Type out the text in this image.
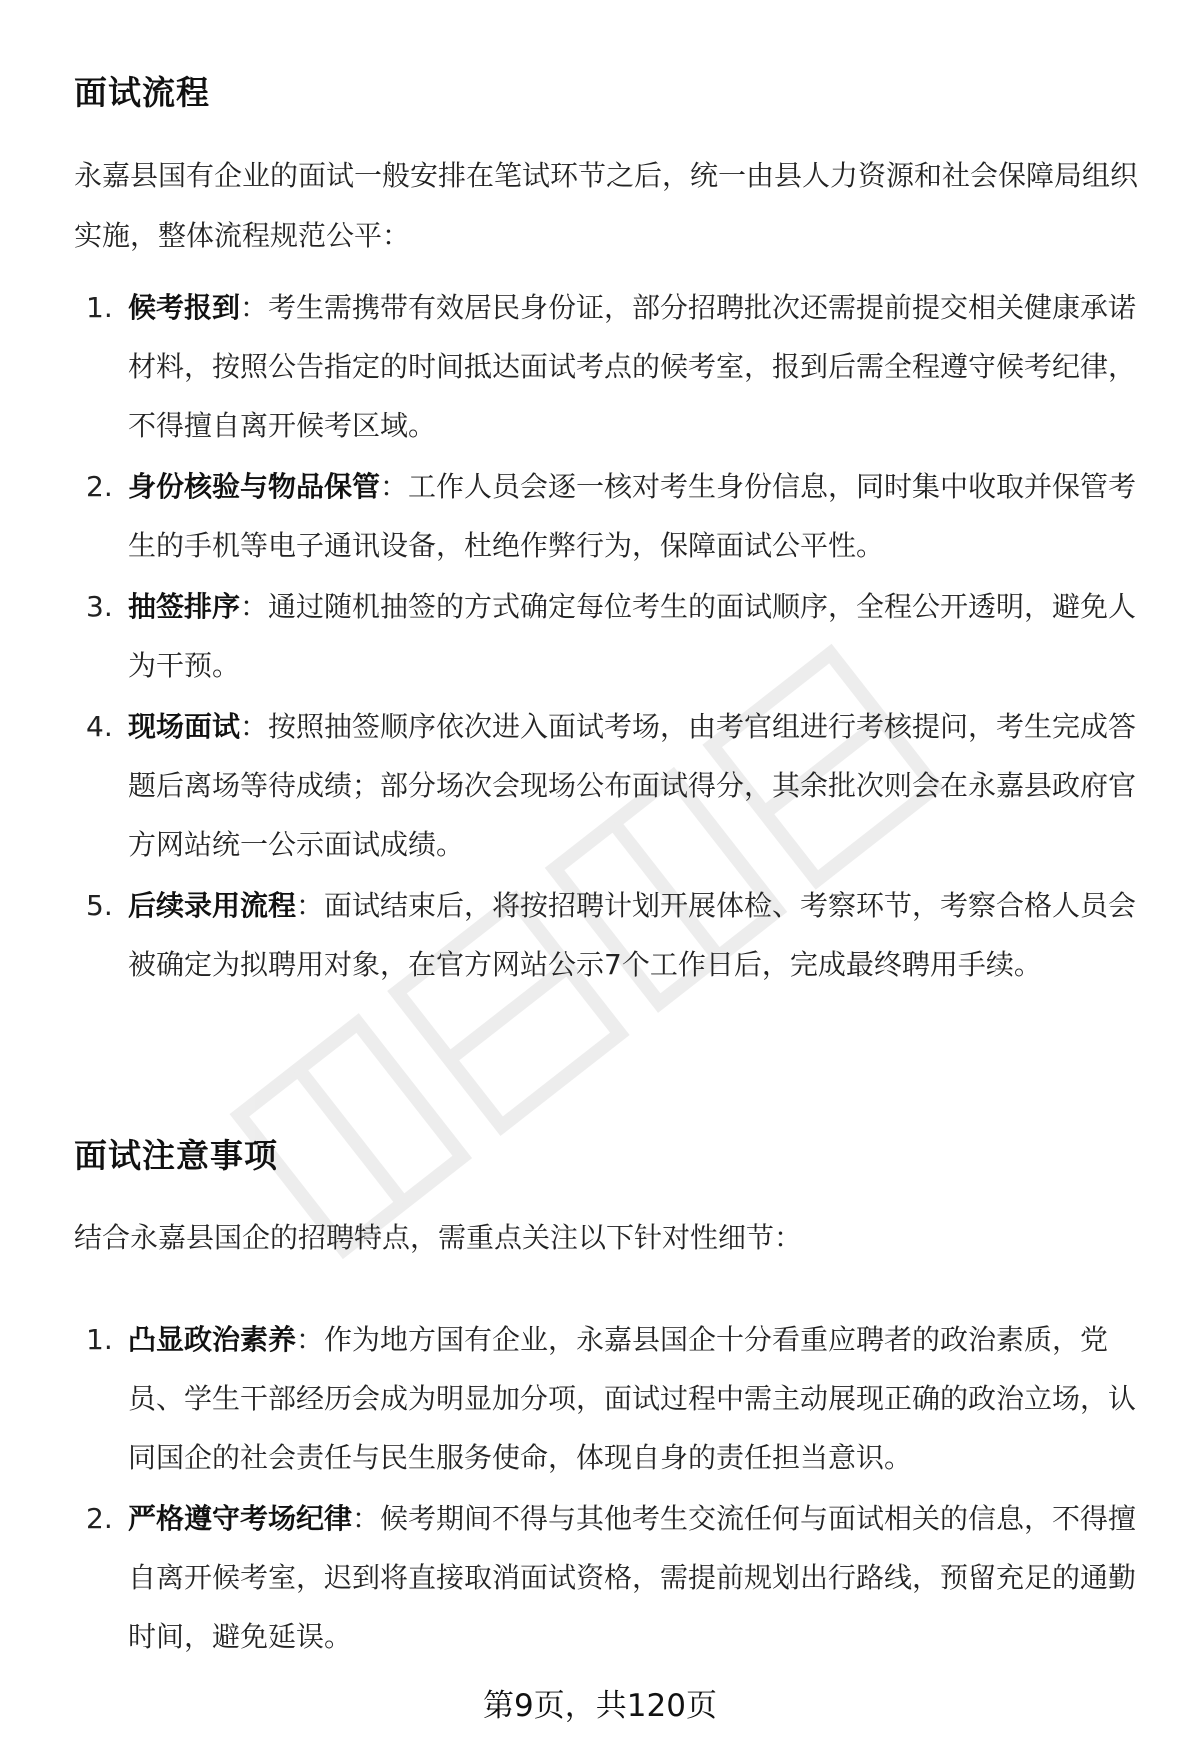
面试流程
永嘉县国有企业的面试一般安排在笔试环节之后，统一由县人力资源和社会保障局组织实施，整体流程规范公平：
1. 候考报到：考生需携带有效居民身份证，部分招聘批次还需提前提交相关健康承诺材料，按照公告指定的时间抵达面试考点的候考室，报到后需全程遵守候考纪律，不得擅自离开候考区域。
2. 身份核验与物品保管：工作人员会逐一核对考生身份信息，同时集中收取并保管考生的手机等电子通讯设备，杜绝作弊行为，保障面试公平性。
3. 抽签排序：通过随机抽签的方式确定每位考生的面试顺序，全程公开透明，避免人为干预。
4. 现场面试：按照抽签顺序依次进入面试考场，由考官组进行考核提问，考生完成答题后离场等待成绩；部分场次会现场公布面试得分，其余批次则会在永嘉县政府官方网站统一公示面试成绩。
5. 后续录用流程：面试结束后，将按招聘计划开展体检、考察环节，考察合格人员会被确定为拟聘用对象，在官方网站公示7个工作日后，完成最终聘用手续。
面试注意事项
结合永嘉县国企的招聘特点，需重点关注以下针对性细节：
1. 凸显政治素养：作为地方国有企业，永嘉县国企十分看重应聘者的政治素质，党员、学生干部经历会成为明显加分项，面试过程中需主动展现正确的政治立场，认同国企的社会责任与民生服务使命，体现自身的责任担当意识。
2. 严格遵守考场纪律：候考期间不得与其他考生交流任何与面试相关的信息，不得擅自离开候考室，迟到将直接取消面试资格，需提前规划出行路线，预留充足的通勤时间，避免延误。
第9页，共120页
